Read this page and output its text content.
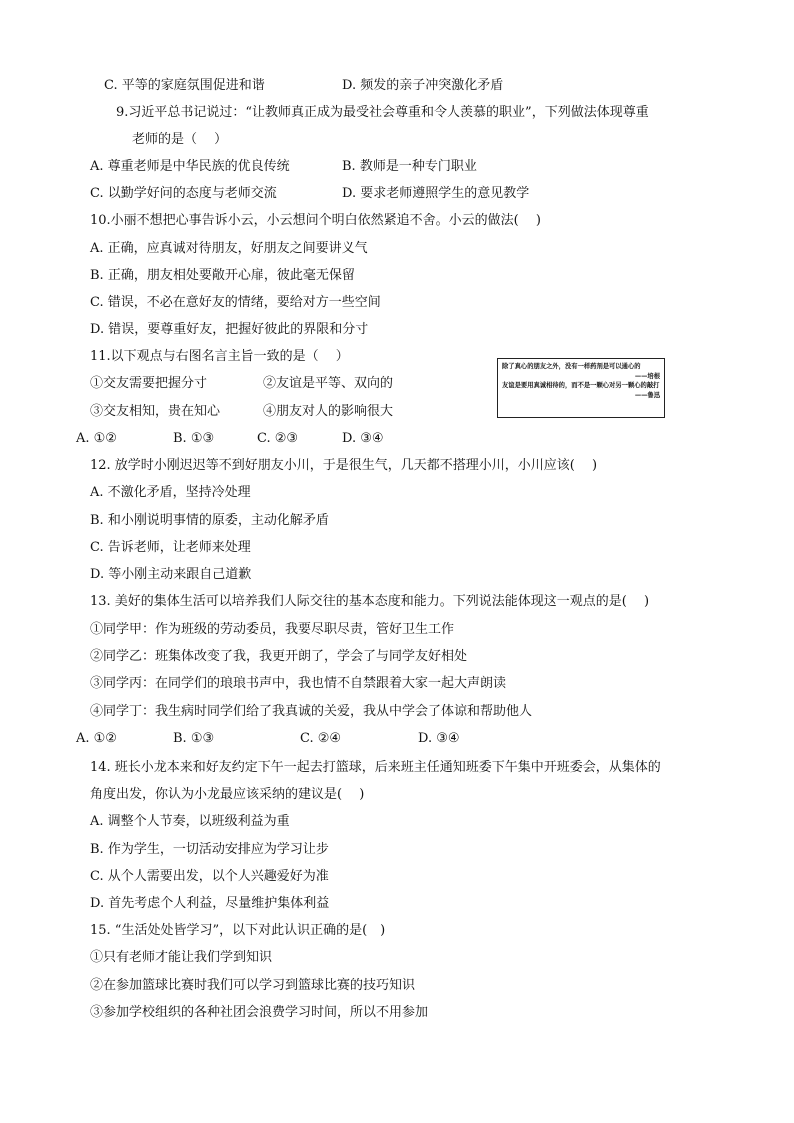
C. 平等的家庭氛围促进和谐	D. 频发的亲子冲突激化矛盾
9.习近平总书记说过：“让教师真正成为最受社会尊重和令人羡慕的职业”，下列做法体现尊重
老师的是（　 ）
A. 尊重老师是中华民族的优良传统	B. 教师是一种专门职业
C. 以勤学好问的态度与老师交流	D. 要求老师遵照学生的意见教学
10.小丽不想把心事告诉小云，小云想问个明白依然紧追不舍。小云的做法(　 )
A. 正确，应真诚对待朋友，好朋友之间要讲义气
B. 正确，朋友相处要敞开心扉，彼此毫无保留
C. 错误，不必在意好友的情绪，要给对方一些空间
D. 错误，要尊重好友，把握好彼此的界限和分寸
11.以下观点与右图名言主旨一致的是（　 ）
①交友需要把握分寸	②友谊是平等、双向的
③交友相知，贵在知心	④朋友对人的影响很大
A. ①②	B. ①③	C. ②③	D. ③④
除了真心的朋友之外，没有一样药剂是可以通心的
——培根
友谊是要用真诚相待的，而不是一颗心对另一颗心的敲打
——鲁迅
12. 放学时小刚迟迟等不到好朋友小川，于是很生气，几天都不搭理小川，小川应该(　 )
A. 不激化矛盾，坚持冷处理
B. 和小刚说明事情的原委，主动化解矛盾
C. 告诉老师，让老师来处理
D. 等小刚主动来跟自己道歉
13. 美好的集体生活可以培养我们人际交往的基本态度和能力。下列说法能体现这一观点的是(　 )
①同学甲：作为班级的劳动委员，我要尽职尽责，管好卫生工作
②同学乙：班集体改变了我，我更开朗了，学会了与同学友好相处
③同学丙：在同学们的琅琅书声中，我也情不自禁跟着大家一起大声朗读
④同学丁：我生病时同学们给了我真诚的关爱，我从中学会了体谅和帮助他人
A. ①②	B. ①③	C. ②④	D. ③④
14. 班长小龙本来和好友约定下午一起去打篮球，后来班主任通知班委下午集中开班委会，从集体的
角度出发，你认为小龙最应该采纳的建议是(　 )
A. 调整个人节奏，以班级利益为重
B. 作为学生，一切活动安排应为学习让步
C. 从个人需要出发，以个人兴趣爱好为准
D. 首先考虑个人利益，尽量维护集体利益
15. “生活处处皆学习”，以下对此认识正确的是(　)
①只有老师才能让我们学到知识
②在参加篮球比赛时我们可以学习到篮球比赛的技巧知识
③参加学校组织的各种社团会浪费学习时间，所以不用参加
